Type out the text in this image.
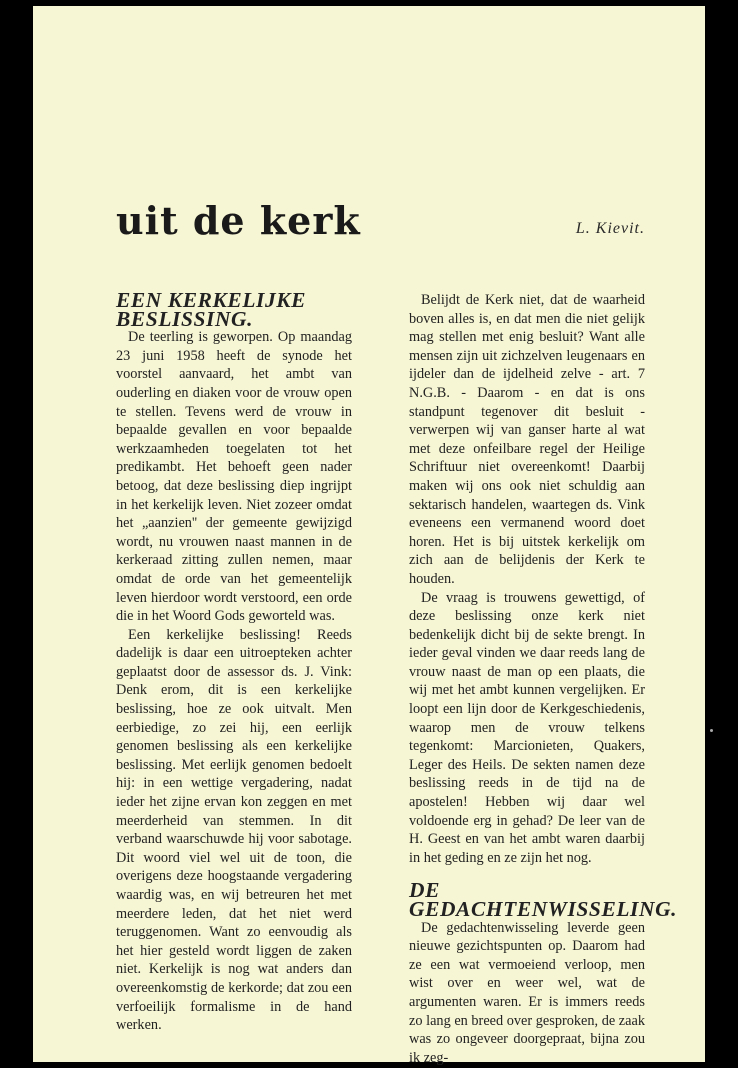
uit de kerk	L. Kievit.
EEN KERKELIJKE BESLISSING.

De teerling is geworpen. Op maandag 23 juni 1958 heeft de synode het voorstel aanvaard, het ambt van ouderling en diaken voor de vrouw open te stellen. Tevens werd de vrouw in bepaalde gevallen en voor bepaalde werkzaamheden toegelaten tot het predikambt. Het behoeft geen nader betoog, dat deze beslissing diep ingrijpt in het kerkelijk leven. Niet zozeer omdat het „aanzien'' der gemeente gewijzigd wordt, nu vrouwen naast mannen in de kerkeraad zitting zullen nemen, maar omdat de orde van het gemeentelijk leven hierdoor wordt verstoord, een orde die in het Woord Gods geworteld was.

Een kerkelijke beslissing! Reeds dadelijk is daar een uitroepteken achter geplaatst door de assessor ds. J. Vink: Denk erom, dit is een kerkelijke beslissing, hoe ze ook uitvalt. Men eerbiedige, zo zei hij, een eerlijk genomen beslissing als een kerkelijke beslissing. Met eerlijk genomen bedoelt hij: in een wettige vergadering, nadat ieder het zijne ervan kon zeggen en met meerderheid van stemmen. In dit verband waarschuwde hij voor sabotage. Dit woord viel wel uit de toon, die overigens deze hoogstaande vergadering waardig was, en wij betreuren het met meerdere leden, dat het niet werd teruggenomen. Want zo eenvoudig als het hier gesteld wordt liggen de zaken niet. Kerkelijk is nog wat anders dan overeenkomstig de kerkorde; dat zou een verfoeilijk formalisme in de hand werken.

Belijdt de Kerk niet, dat de waarheid boven alles is, en dat men die niet gelijk mag stellen met enig besluit? Want alle mensen zijn uit zichzelven leugenaars en ijdeler dan de ijdelheid zelve - art. 7 N.G.B. - Daarom - en dat is ons standpunt tegenover dit besluit - verwerpen wij van ganser harte al wat met deze onfeilbare regel der Heilige Schriftuur niet overeenkomt! Daarbij maken wij ons ook niet schuldig aan sektarisch handelen, waartegen ds. Vink eveneens een vermanend woord doet horen. Het is bij uitstek kerkelijk om zich aan de belijdenis der Kerk te houden.

De vraag is trouwens gewettigd, of deze beslissing onze kerk niet bedenkelijk dicht bij de sekte brengt. In ieder geval vinden we daar reeds lang de vrouw naast de man op een plaats, die wij met het ambt kunnen vergelijken. Er loopt een lijn door de Kerkgeschiedenis, waarop men de vrouw telkens tegenkomt: Marcionieten, Quakers, Leger des Heils. De sekten namen deze beslissing reeds in de tijd na de apostelen! Hebben wij daar wel voldoende erg in gehad? De leer van de H. Geest en van het ambt waren daarbij in het geding en ze zijn het nog.

DE GEDACHTENWISSELING.

De gedachtenwisseling leverde geen nieuwe gezichtspunten op. Daarom had ze een wat vermoeiend verloop, men wist over en weer wel, wat de argumenten waren. Er is immers reeds zo lang en breed over gesproken, de zaak was zo ongeveer doorgepraat, bijna zou ik zeg-
